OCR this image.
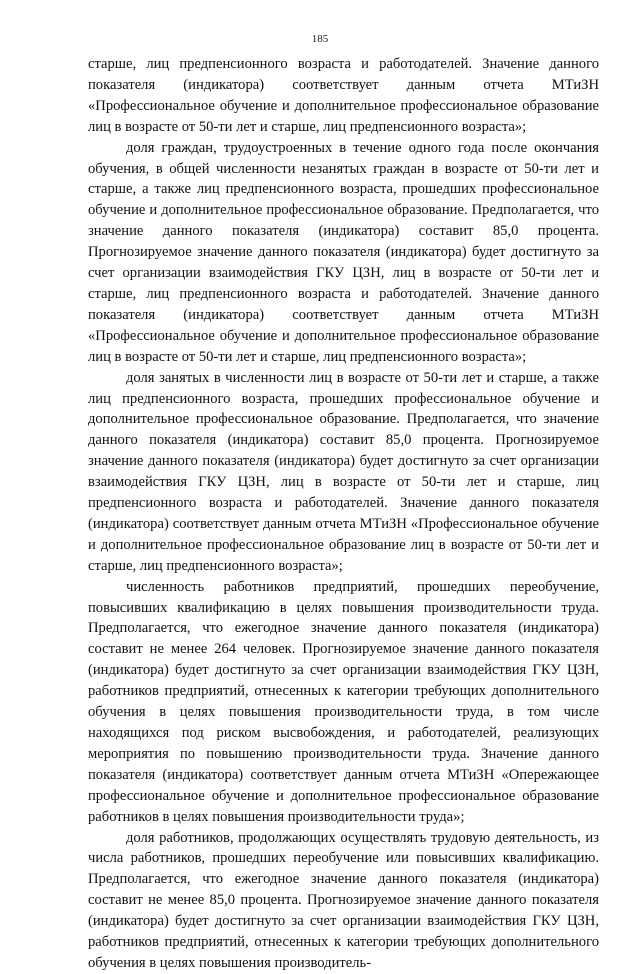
185

старше, лиц предпенсионного возраста и работодателей. Значение данного показателя (индикатора) соответствует данным отчета МТиЗН «Профессиональное обучение и дополнительное профессиональное образование лиц в возрасте от 50-ти лет и старше, лиц предпенсионного возраста»;

доля граждан, трудоустроенных в течение одного года после окончания обучения, в общей численности незанятых граждан в возрасте от 50-ти лет и старше, а также лиц предпенсионного возраста, прошедших профессиональное обучение и дополнительное профессиональное образование. Предполагается, что значение данного показателя (индикатора) составит 85,0 процента. Прогнозируемое значение данного показателя (индикатора) будет достигнуто за счет организации взаимодействия ГКУ ЦЗН, лиц в возрасте от 50-ти лет и старше, лиц предпенсионного возраста и работодателей. Значение данного показателя (индикатора) соответствует данным отчета МТиЗН «Профессиональное обучение и дополнительное профессиональное образование лиц в возрасте от 50-ти лет и старше, лиц предпенсионного возраста»;

доля занятых в численности лиц в возрасте от 50-ти лет и старше, а также лиц предпенсионного возраста, прошедших профессиональное обучение и дополнительное профессиональное образование. Предполагается, что значение данного показателя (индикатора) составит 85,0 процента. Прогнозируемое значение данного показателя (индикатора) будет достигнуто за счет организации взаимодействия ГКУ ЦЗН, лиц в возрасте от 50-ти лет и старше, лиц предпенсионного возраста и работодателей. Значение данного показателя (индикатора) соответствует данным отчета МТиЗН «Профессиональное обучение и дополнительное профессиональное образование лиц в возрасте от 50-ти лет и старше, лиц предпенсионного возраста»;

численность работников предприятий, прошедших переобучение, повысивших квалификацию в целях повышения производительности труда. Предполагается, что ежегодное значение данного показателя (индикатора) составит не менее 264 человек. Прогнозируемое значение данного показателя (индикатора) будет достигнуто за счет организации взаимодействия ГКУ ЦЗН, работников предприятий, отнесенных к категории требующих дополнительного обучения в целях повышения производительности труда, в том числе находящихся под риском высвобождения, и работодателей, реализующих мероприятия по повышению производительности труда. Значение данного показателя (индикатора) соответствует данным отчета МТиЗН «Опережающее профессиональное обучение и дополнительное профессиональное образование работников в целях повышения производительности труда»;

доля работников, продолжающих осуществлять трудовую деятельность, из числа работников, прошедших переобучение или повысивших квалификацию. Предполагается, что ежегодное значение данного показателя (индикатора) составит не менее 85,0 процента. Прогнозируемое значение данного показателя (индикатора) будет достигнуто за счет организации взаимодействия ГКУ ЦЗН, работников предприятий, отнесенных к категории требующих дополнительного обучения в целях повышения производитель-
